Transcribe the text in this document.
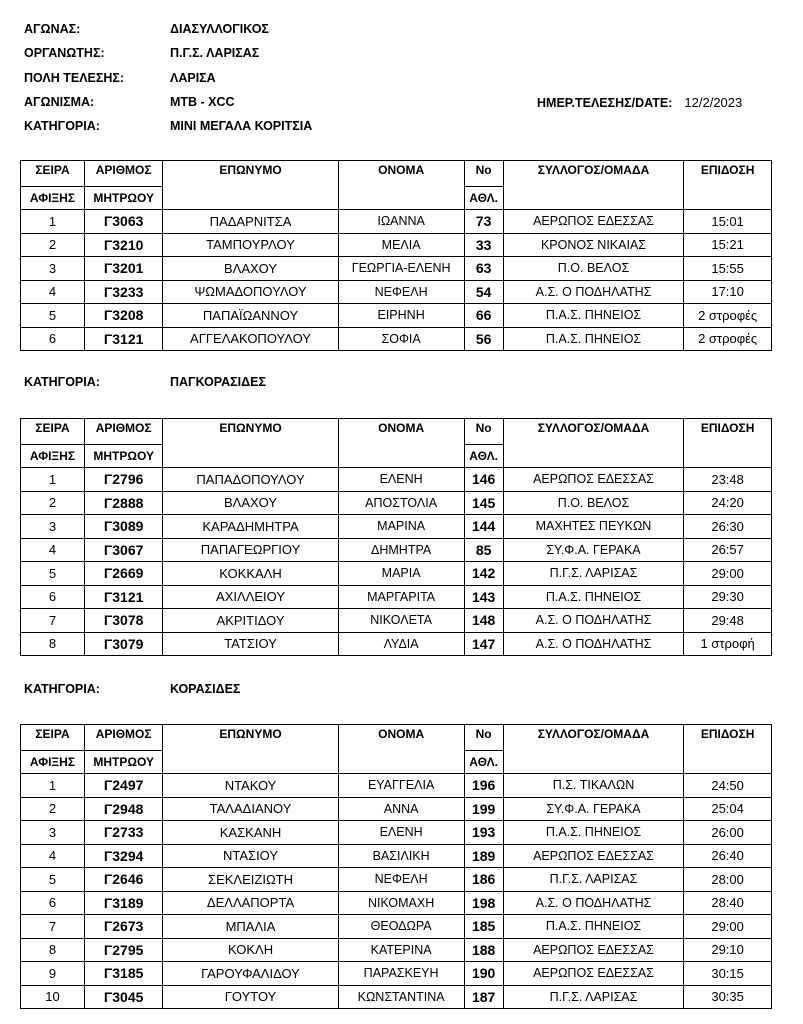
ΑΓΩΝΑΣ:	ΔΙΑΣΥΛΛΟΓΙΚΟΣ
ΟΡΓΑΝΩΤΗΣ:	Π.Γ.Σ. ΛΑΡΙΣΑΣ
ΠΟΛΗ ΤΕΛΕΣΗΣ:	ΛΑΡΙΣΑ
ΑΓΩΝΙΣΜΑ:	MTB - XCC	ΗΜΕΡ.ΤΕΛΕΣΗΣ/DATE: 12/2/2023
ΚΑΤΗΓΟΡΙΑ:	ΜΙΝΙ ΜΕΓΑΛΑ ΚΟΡΙΤΣΙΑ
ΚΑΤΗΓΟΡΙΑ:	ΠΑΓΚΟΡΑΣΙΔΕΣ
ΚΑΤΗΓΟΡΙΑ:	ΚΟΡΑΣΙΔΕΣ
ΣΕΙΡΑ	ΑΡΙΘΜΟΣ	ΕΠΩΝΥΜΟ	ΟΝΟΜΑ	Νο	ΣΥΛΛΟΓΟΣ/ΟΜΑΔΑ	ΕΠΙΔΟΣΗ
ΑΦΙΞΗΣ	ΜΗΤΡΩΟΥ			ΑΘΛ.		
1	Γ3063	ΠΑΔΑΡΝΙΤΣΑ	ΙΩΑΝΝΑ	73	ΑΕΡΩΠΟΣ ΕΔΕΣΣΑΣ	15:01
2	Γ3210	ΤΑΜΠΟΥΡΛΟΥ	ΜΕΛΙΑ	33	ΚΡΟΝΟΣ ΝΙΚΑΙΑΣ	15:21
3	Γ3201	ΒΛΑΧΟΥ	ΓΕΩΡΓΙΑ-ΕΛΕΝΗ	63	Π.Ο. ΒΕΛΟΣ	15:55
4	Γ3233	ΨΩΜΑΔΟΠΟΥΛΟΥ	ΝΕΦΕΛΗ	54	Α.Σ. Ο ΠΟΔΗΛΑΤΗΣ	17:10
5	Γ3208	ΠΑΠΑΪΩΑΝΝΟΥ	ΕΙΡΗΝΗ	66	Π.Α.Σ. ΠΗΝΕΙΟΣ	2 στροφές
6	Γ3121	ΑΓΓΕΛΑΚΟΠΟΥΛΟΥ	ΣΟΦΙΑ	56	Π.Α.Σ. ΠΗΝΕΙΟΣ	2 στροφές
ΣΕΙΡΑ	ΑΡΙΘΜΟΣ	ΕΠΩΝΥΜΟ	ΟΝΟΜΑ	Νο	ΣΥΛΛΟΓΟΣ/ΟΜΑΔΑ	ΕΠΙΔΟΣΗ
ΑΦΙΞΗΣ	ΜΗΤΡΩΟΥ			ΑΘΛ.		
1	Γ2796	ΠΑΠΑΔΟΠΟΥΛΟΥ	ΕΛΕΝΗ	146	ΑΕΡΩΠΟΣ ΕΔΕΣΣΑΣ	23:48
2	Γ2888	ΒΛΑΧΟΥ	ΑΠΟΣΤΟΛΙΑ	145	Π.Ο. ΒΕΛΟΣ	24:20
3	Γ3089	ΚΑΡΑΔΗΜΗΤΡΑ	ΜΑΡΙΝΑ	144	ΜΑΧΗΤΕΣ ΠΕΥΚΩΝ	26:30
4	Γ3067	ΠΑΠΑΓΕΩΡΓΙΟΥ	ΔΗΜΗΤΡΑ	85	ΣΥ.Φ.Α. ΓΕΡΑΚΑ	26:57
5	Γ2669	ΚΟΚΚΑΛΗ	ΜΑΡΙΑ	142	Π.Γ.Σ. ΛΑΡΙΣΑΣ	29:00
6	Γ3121	ΑΧΙΛΛΕΙΟΥ	ΜΑΡΓΑΡΙΤΑ	143	Π.Α.Σ. ΠΗΝΕΙΟΣ	29:30
7	Γ3078	ΑΚΡΙΤΙΔΟΥ	ΝΙΚΟΛΕΤΑ	148	Α.Σ. Ο ΠΟΔΗΛΑΤΗΣ	29:48
8	Γ3079	ΤΑΤΣΙΟΥ	ΛΥΔΙΑ	147	Α.Σ. Ο ΠΟΔΗΛΑΤΗΣ	1 στροφή
ΣΕΙΡΑ	ΑΡΙΘΜΟΣ	ΕΠΩΝΥΜΟ	ΟΝΟΜΑ	Νο	ΣΥΛΛΟΓΟΣ/ΟΜΑΔΑ	ΕΠΙΔΟΣΗ
ΑΦΙΞΗΣ	ΜΗΤΡΩΟΥ			ΑΘΛ.		
1	Γ2497	ΝΤΑΚΟΥ	ΕΥΑΓΓΕΛΙΑ	196	Π.Σ. ΤΙΚΑΛΩΝ	24:50
2	Γ2948	ΤΑΛΑΔΙΑΝΟΥ	ΑΝΝΑ	199	ΣΥ.Φ.Α. ΓΕΡΑΚΑ	25:04
3	Γ2733	ΚΑΣΚΑΝΗ	ΕΛΕΝΗ	193	Π.Α.Σ. ΠΗΝΕΙΟΣ	26:00
4	Γ3294	ΝΤΑΣΙΟΥ	ΒΑΣΙΛΙΚΗ	189	ΑΕΡΩΠΟΣ ΕΔΕΣΣΑΣ	26:40
5	Γ2646	ΣΕΚΛΕΙΖΙΩΤΗ	ΝΕΦΕΛΗ	186	Π.Γ.Σ. ΛΑΡΙΣΑΣ	28:00
6	Γ3189	ΔΕΛΛΑΠΟΡΤΑ	ΝΙΚΟΜΑΧΗ	198	Α.Σ. Ο ΠΟΔΗΛΑΤΗΣ	28:40
7	Γ2673	ΜΠΑΛΙΑ	ΘΕΟΔΩΡΑ	185	Π.Α.Σ. ΠΗΝΕΙΟΣ	29:00
8	Γ2795	ΚΟΚΛΗ	ΚΑΤΕΡΙΝΑ	188	ΑΕΡΩΠΟΣ ΕΔΕΣΣΑΣ	29:10
9	Γ3185	ΓΑΡΟΥΦΑΛΙΔΟΥ	ΠΑΡΑΣΚΕΥΗ	190	ΑΕΡΩΠΟΣ ΕΔΕΣΣΑΣ	30:15
10	Γ3045	ΓΟΥΤΟΥ	ΚΩΝΣΤΑΝΤΙΝΑ	187	Π.Γ.Σ. ΛΑΡΙΣΑΣ	30:35
